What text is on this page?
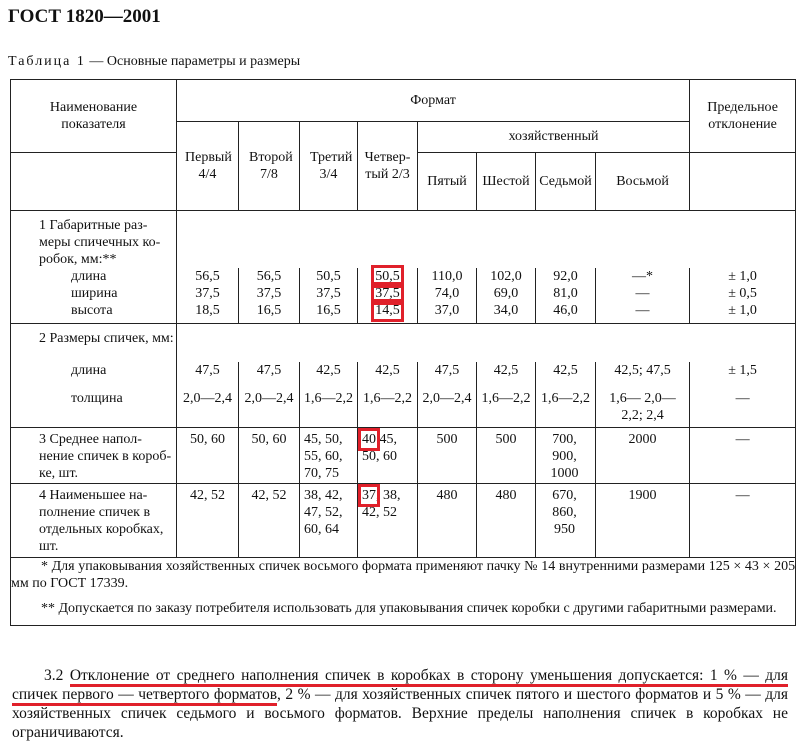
ГОСТ 1820—2001
Таблица 1 — Основные параметры и размеры
Наименование показателя	Формат								Предельное отклонение
	Первый 4/4	Второй 7/8	Третий 3/4	Четвер- тый 2/3	хозяйственный				
					Пятый	Шестой	Седьмой	Восьмой	
1 Габаритные раз- меры спичечных ко- робок, мм:**									
длина	56,5	56,5	50,5	50,5	110,0	102,0	92,0	—*	± 1,0
ширина	37,5	37,5	37,5	37,5	74,0	69,0	81,0	—	± 0,5
высота	18,5	16,5	16,5	14,5	37,0	34,0	46,0	—	± 1,0
2 Размеры спичек, мм:									
длина	47,5	47,5	42,5	42,5	47,5	42,5	42,5	42,5; 47,5	± 1,5
толщина	2,0—2,4	2,0—2,4	1,6—2,2	1,6—2,2	2,0—2,4	1,6—2,2	1,6—2,2	1,6— 2,0— 2,2; 2,4	—
3 Среднее напол- нение спичек в короб- ке, шт.	50, 60	50, 60	45, 50, 55, 60, 70, 75	40 45, 50, 60	500	500	700, 900, 1000	2000	—
4 Наименьшее на- полнение спичек в отдельных коробках, шт.	42, 52	42, 52	38, 42, 47, 52, 60, 64	37, 38, 42, 52	480	480	670, 860, 950	1900	—

* Для упаковывания хозяйственных спичек восьмого формата применяют пачку № 14 внутренними размерами 125 × 43 × 205 мм по ГОСТ 17339.

** Допускается по заказу потребителя использовать для упаковывания спичек коробки с другими габаритными размерами.									

3.2 Отклонение от среднего наполнения спичек в коробках в сторону уменьшения допускается: 1 % — для спичек первого — четвертого форматов, 2 % — для хозяйственных спичек пятого и шестого форматов и 5 % — для хозяйственных спичек седьмого и восьмого форматов. Верхние пределы наполнения спичек в коробках не ограничиваются.
